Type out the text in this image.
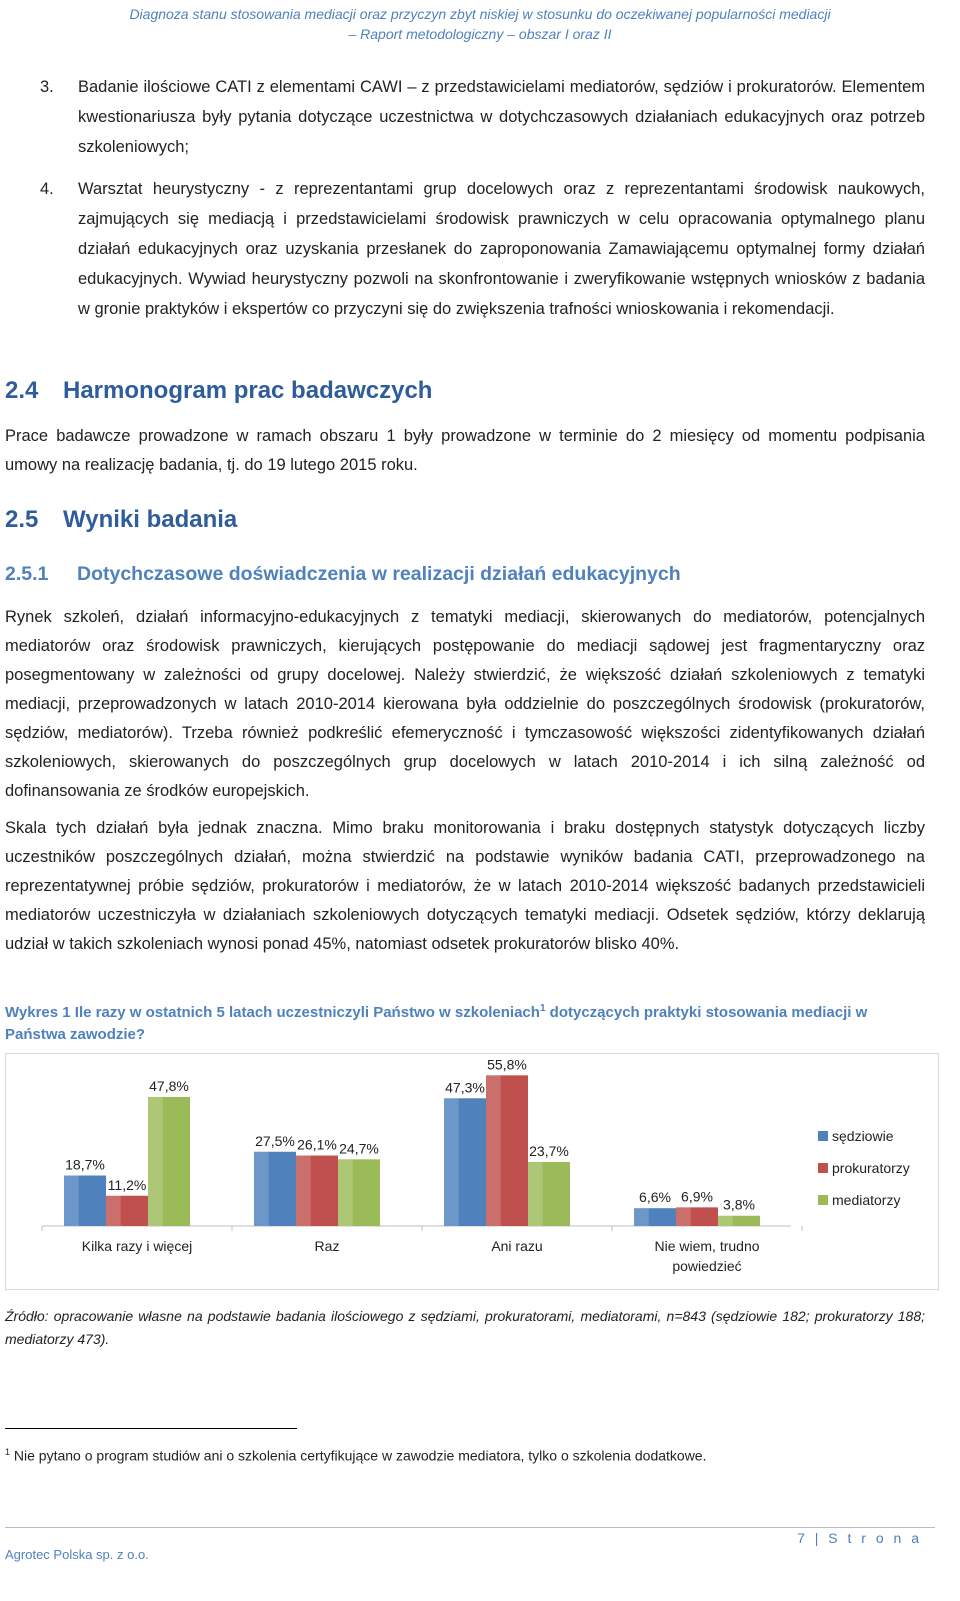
Diagnoza stanu stosowania mediacji oraz przyczyn zbyt niskiej w stosunku do oczekiwanej popularności mediacji
– Raport metodologiczny – obszar I oraz II
3.	Badanie ilościowe CATI z elementami CAWI – z przedstawicielami mediatorów, sędziów i prokuratorów. Elementem kwestionariusza były pytania dotyczące uczestnictwa w dotychczasowych działaniach edukacyjnych oraz potrzeb szkoleniowych;
4.	Warsztat heurystyczny - z reprezentantami grup docelowych oraz z reprezentantami środowisk naukowych, zajmujących się mediacją i przedstawicielami środowisk prawniczych w celu opracowania optymalnego planu działań edukacyjnych oraz uzyskania przesłanek do zaproponowania Zamawiającemu optymalnej formy działań edukacyjnych. Wywiad heurystyczny pozwoli na skonfrontowanie i zweryfikowanie wstępnych wniosków z badania w gronie praktyków i ekspertów co przyczyni się do zwiększenia trafności wnioskowania i rekomendacji.
2.4 Harmonogram prac badawczych
Prace badawcze prowadzone w ramach obszaru 1 były prowadzone w terminie do 2 miesięcy od momentu podpisania umowy na realizację badania, tj. do 19 lutego 2015 roku.
2.5 Wyniki badania
2.5.1 Dotychczasowe doświadczenia w realizacji działań edukacyjnych
Rynek szkoleń, działań informacyjno-edukacyjnych z tematyki mediacji, skierowanych do mediatorów, potencjalnych mediatorów oraz środowisk prawniczych, kierujących postępowanie do mediacji sądowej jest fragmentaryczny oraz posegmentowany w zależności od grupy docelowej. Należy stwierdzić, że większość działań szkoleniowych z tematyki mediacji, przeprowadzonych w latach 2010-2014 kierowana była oddzielnie do poszczególnych środowisk (prokuratorów, sędziów, mediatorów). Trzeba również podkreślić efemeryczność i tymczasowość większości zidentyfikowanych działań szkoleniowych, skierowanych do poszczególnych grup docelowych w latach 2010-2014 i ich silną zależność od dofinansowania ze środków europejskich.
Skala tych działań była jednak znaczna. Mimo braku monitorowania i braku dostępnych statystyk dotyczących liczby uczestników poszczególnych działań, można stwierdzić na podstawie wyników badania CATI, przeprowadzonego na reprezentatywnej próbie sędziów, prokuratorów i mediatorów, że w latach 2010-2014 większość badanych przedstawicieli mediatorów uczestniczyła w działaniach szkoleniowych dotyczących tematyki mediacji. Odsetek sędziów, którzy deklarują udział w takich szkoleniach wynosi ponad 45%, natomiast odsetek prokuratorów blisko 40%.
Wykres 1 Ile razy w ostatnich 5 latach uczestniczyli Państwo w szkoleniach$^1$ dotyczących praktyki stosowania mediacji w Państwa zawodzie?
18,7%
11,2%
47,8%
Kilka razy i więcej
27,5% 26,1% 24,7%
Raz
47,3%
55,8%
23,7%
Ani razu
6,6% 6,9%
3,8%
Nie wiem, trudno
powiedzieć
sędziowie
prokuratorzy
mediatorzy
Źródło: opracowanie własne na podstawie badania ilościowego z sędziami, prokuratorami, mediatorami, n=843 (sędziowie 182; prokuratorzy 188; mediatorzy 473).
$^1$ Nie pytano o program studiów ani o szkolenia certyfikujące w zawodzie mediatora, tylko o szkolenia dodatkowe.
7 | S t r o n a
Agrotec Polska sp. z o.o.
